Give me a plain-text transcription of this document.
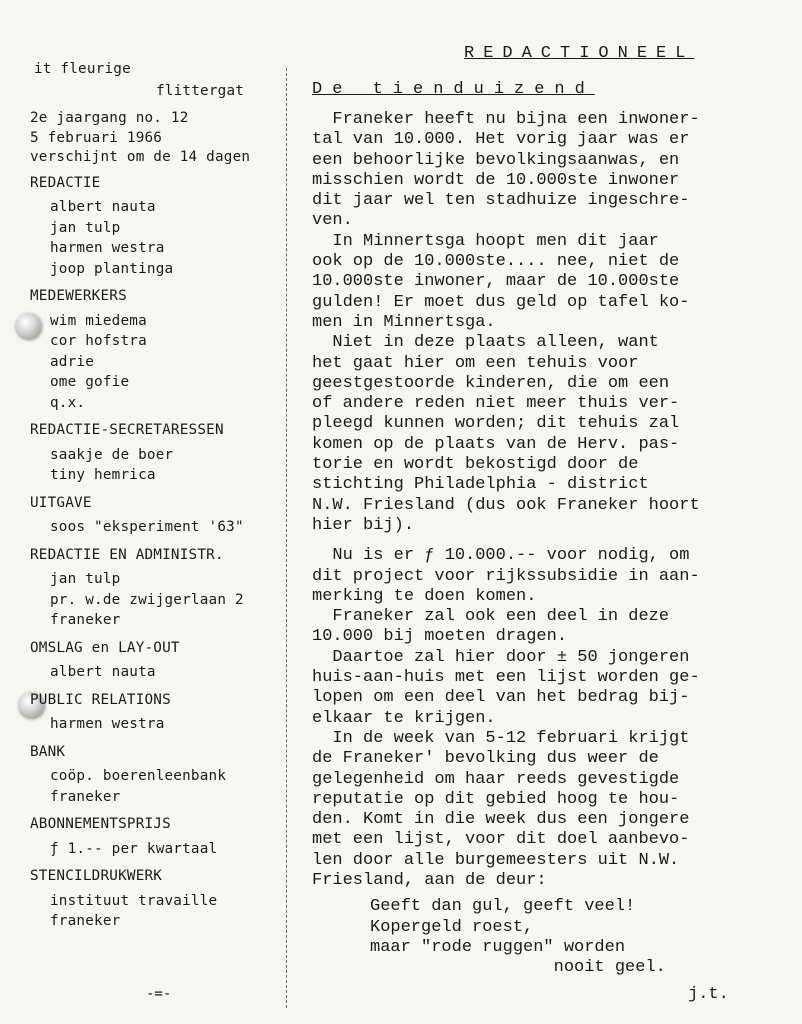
it fleurige
flittergat
2e jaargang no. 12
5 februari 1966
verschijnt om de 14 dagen
REDACTIE
albert nauta
jan tulp
harmen westra
joop plantinga
MEDEWERKERS
wim miedema
cor hofstra
adrie
ome gofie
q.x.
REDACTIE-SECRETARESSEN
saakje de boer
tiny hemrica
UITGAVE
soos "eksperiment '63"
REDACTIE EN ADMINISTR.
jan tulp
pr. w.de zwijgerlaan 2
franeker
OMSLAG en LAY-OUT
albert nauta
PUBLIC RELATIONS
harmen westra
BANK
coöp. boerenleenbank
franeker
ABONNEMENTSPRIJS
ƒ 1.-- per kwartaal
STENCILDRUKWERK
instituut travaille
franeker
-=-
REDACTIONEEL
De tienduizend
Franeker heeft nu bijna een inwoner-
tal van 10.000. Het vorig jaar was er
een behoorlijke bevolkingsaanwas, en
misschien wordt de 10.000ste inwoner
dit jaar wel ten stadhuize ingeschre-
ven.
In Minnertsga hoopt men dit jaar
ook op de 10.000ste.... nee, niet de
10.000ste inwoner, maar de 10.000ste
gulden! Er moet dus geld op tafel ko-
men in Minnertsga.
Niet in deze plaats alleen, want
het gaat hier om een tehuis voor
geestgestoorde kinderen, die om een
of andere reden niet meer thuis ver-
pleegd kunnen worden; dit tehuis zal
komen op de plaats van de Herv. pas-
torie en wordt bekostigd door de
stichting Philadelphia - district
N.W. Friesland (dus ook Franeker hoort
hier bij).
Nu is er ƒ 10.000.-- voor nodig, om
dit project voor rijkssubsidie in aan-
merking te doen komen.
Franeker zal ook een deel in deze
10.000 bij moeten dragen.
Daartoe zal hier door ± 50 jongeren
huis-aan-huis met een lijst worden ge-
lopen om een deel van het bedrag bij-
elkaar te krijgen.
In de week van 5-12 februari krijgt
de Franeker' bevolking dus weer de
gelegenheid om haar reeds gevestigde
reputatie op dit gebied hoog te hou-
den. Komt in die week dus een jongere
met een lijst, voor dit doel aanbevo-
len door alle burgemeesters uit N.W.
Friesland, aan de deur:
Geeft dan gul, geeft veel!
Kopergeld roest,
maar "rode ruggen" worden
nooit geel.
j.t.
